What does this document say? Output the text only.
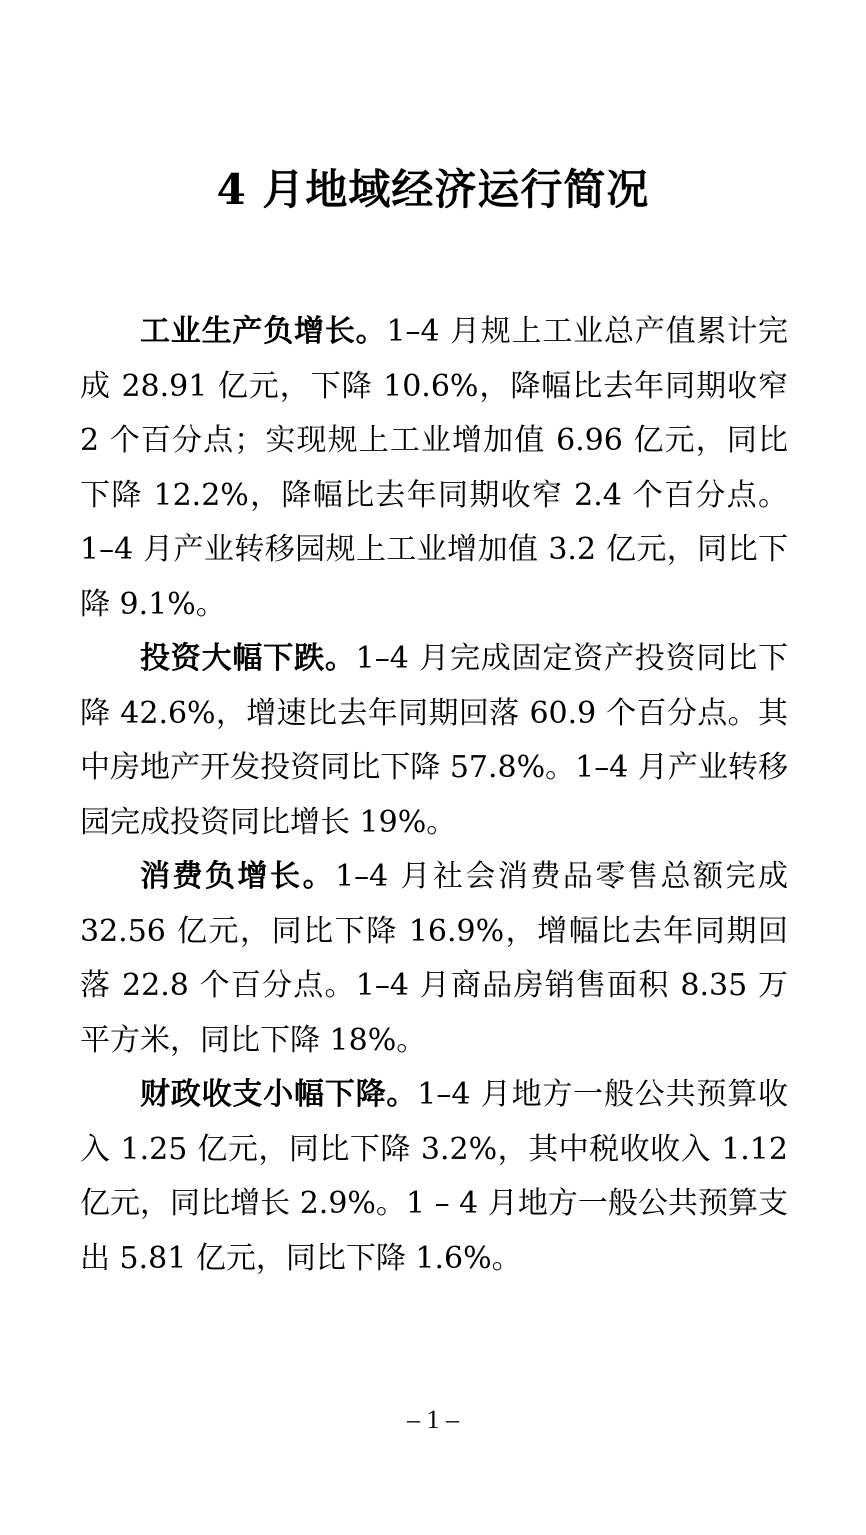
4 月地域经济运行简况

工业生产负增长。1–4 月规上工业总产值累计完成 28.91 亿元，下降 10.6%，降幅比去年同期收窄 2 个百分点；实现规上工业增加值 6.96 亿元，同比下降 12.2%，降幅比去年同期收窄 2.4 个百分点。1–4 月产业转移园规上工业增加值 3.2 亿元，同比下降 9.1%。

投资大幅下跌。1–4 月完成固定资产投资同比下降 42.6%，增速比去年同期回落 60.9 个百分点。其中房地产开发投资同比下降 57.8%。1–4 月产业转移园完成投资同比增长 19%。

消费负增长。1–4 月社会消费品零售总额完成 32.56 亿元，同比下降 16.9%，增幅比去年同期回落 22.8 个百分点。1–4 月商品房销售面积 8.35 万平方米，同比下降 18%。

财政收支小幅下降。1–4 月地方一般公共预算收入 1.25 亿元，同比下降 3.2%，其中税收收入 1.12 亿元，同比增长 2.9%。1 – 4 月地方一般公共预算支出 5.81 亿元，同比下降 1.6%。

– 1 –
